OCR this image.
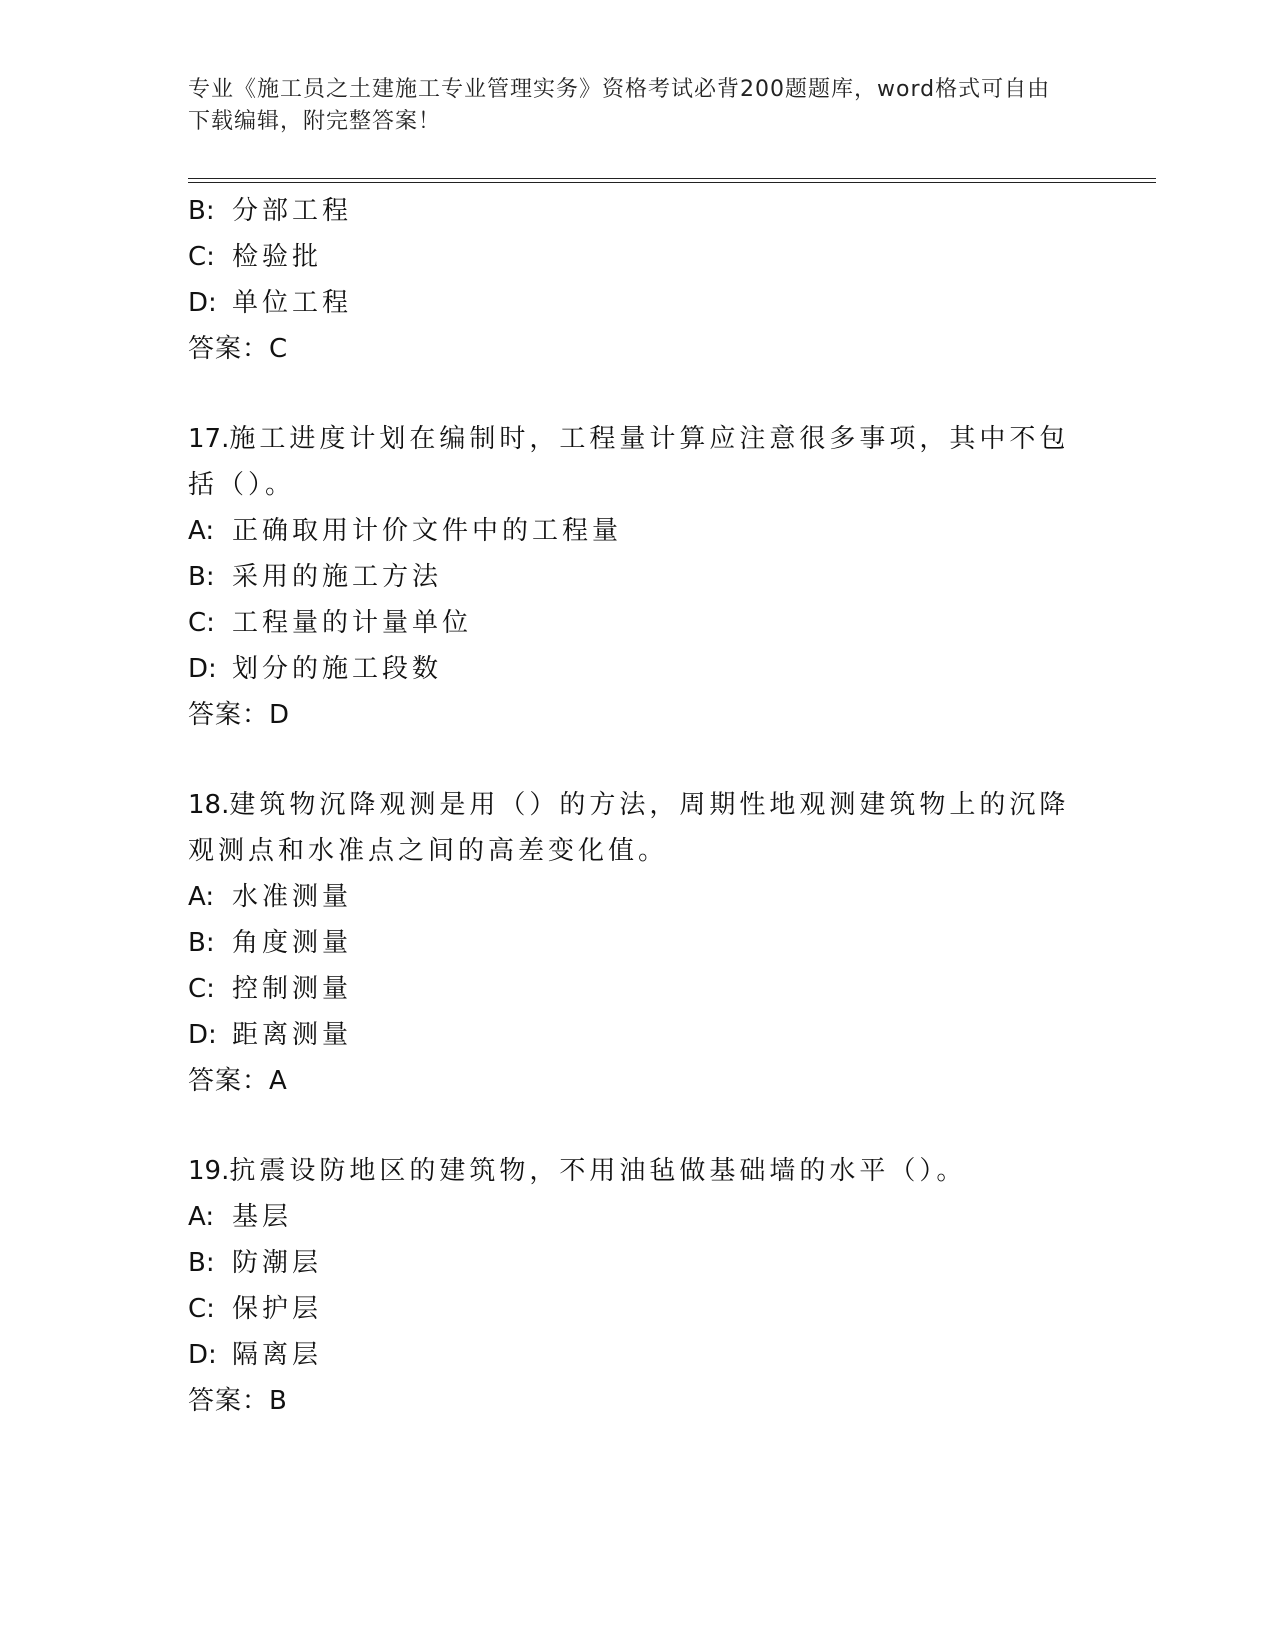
专业《施工员之土建施工专业管理实务》资格考试必背200题题库，word格式可自由下载编辑，附完整答案！
B: 分部工程
C: 检验批
D: 单位工程
答案：C
17.施工进度计划在编制时，工程量计算应注意很多事项，其中不包括（）。
A: 正确取用计价文件中的工程量
B: 采用的施工方法
C: 工程量的计量单位
D: 划分的施工段数
答案：D
18.建筑物沉降观测是用（）的方法，周期性地观测建筑物上的沉降观测点和水准点之间的高差变化值。
A: 水准测量
B: 角度测量
C: 控制测量
D: 距离测量
答案：A
19.抗震设防地区的建筑物，不用油毡做基础墙的水平（）。
A: 基层
B: 防潮层
C: 保护层
D: 隔离层
答案：B
